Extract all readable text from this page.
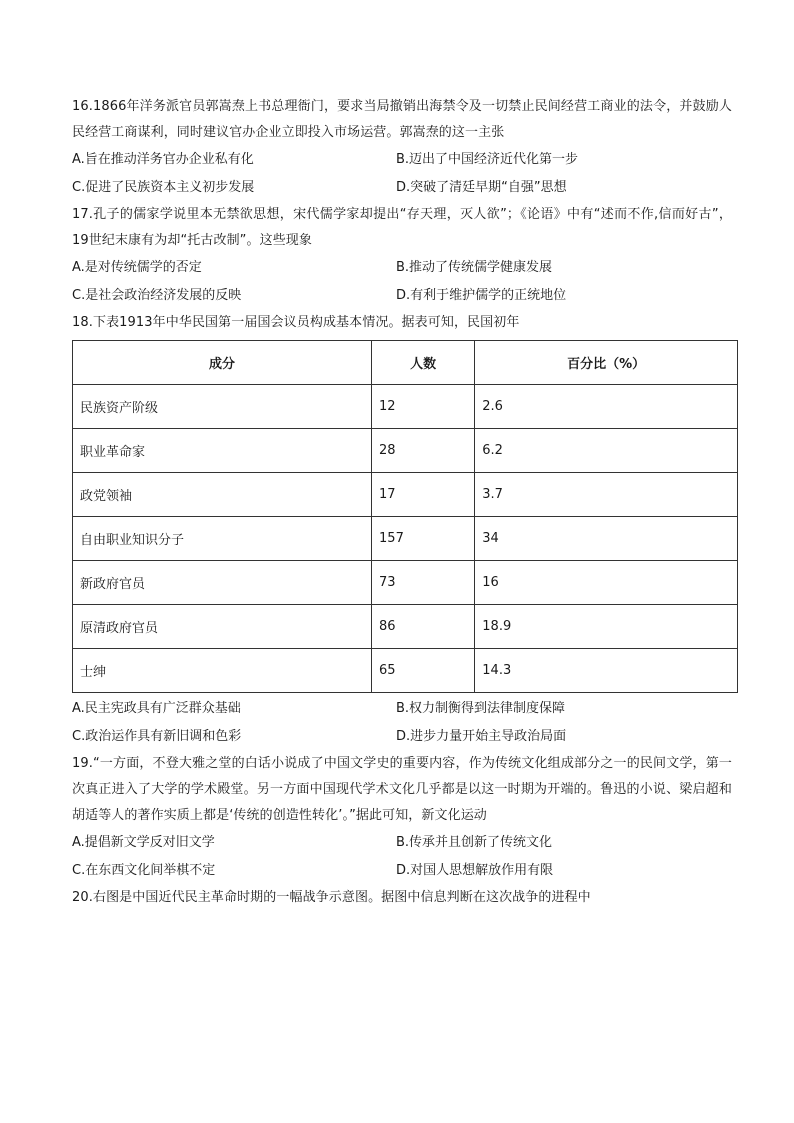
16.1866年洋务派官员郭嵩焘上书总理衙门，要求当局撤销出海禁令及一切禁止民间经营工商业的法令，并鼓励人民经营工商谋利，同时建议官办企业立即投入市场运营。郭嵩焘的这一主张

A.旨在推动洋务官办企业私有化	B.迈出了中国经济近代化第一步
C.促进了民族资本主义初步发展	D.突破了清廷早期“自强”思想

17.孔子的儒家学说里本无禁欲思想，宋代儒学家却提出“存天理，灭人欲”；《论语》中有“述而不作,信而好古”，19世纪末康有为却“托古改制”。这些现象

A.是对传统儒学的否定	B.推动了传统儒学健康发展
C.是社会政治经济发展的反映	D.有利于维护儒学的正统地位

18.下表1913年中华民国第一届国会议员构成基本情况。据表可知，民国初年

成分	人数	百分比（%）
民族资产阶级	12	2.6
职业革命家	28	6.2
政党领袖	17	3.7
自由职业知识分子	157	34
新政府官员	73	16
原清政府官员	86	18.9
士绅	65	14.3
A.民主宪政具有广泛群众基础	B.权力制衡得到法律制度保障
C.政治运作具有新旧调和色彩	D.进步力量开始主导政治局面

19.“一方面，不登大雅之堂的白话小说成了中国文学史的重要内容，作为传统文化组成部分之一的民间文学，第一次真正进入了大学的学术殿堂。另一方面中国现代学术文化几乎都是以这一时期为开端的。鲁迅的小说、梁启超和胡适等人的著作实质上都是‘传统的创造性转化’。”据此可知，新文化运动

A.提倡新文学反对旧文学	B.传承并且创新了传统文化
C.在东西文化间举棋不定	D.对国人思想解放作用有限

20.右图是中国近代民主革命时期的一幅战争示意图。据图中信息判断在这次战争的进程中
